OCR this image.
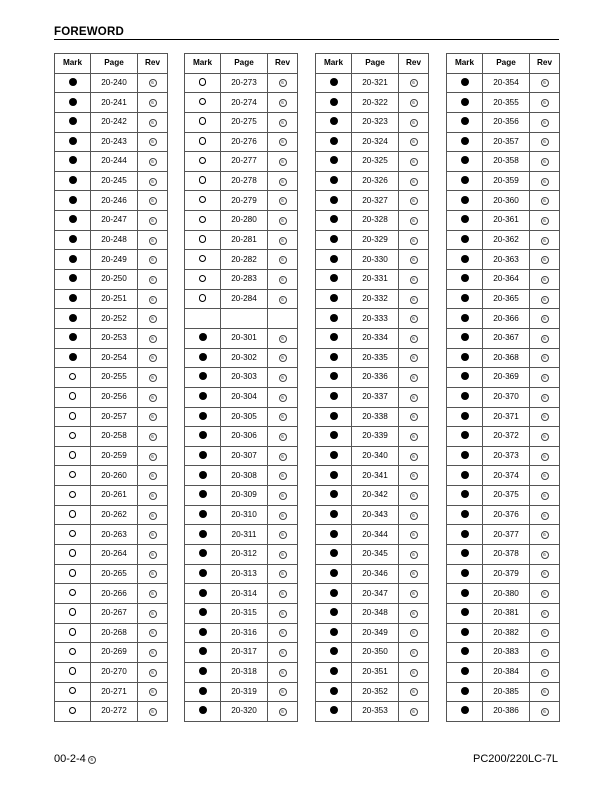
FOREWORD
Mark	Page	Rev
	20-240	6
	20-241	6
	20-242	6
	20-243	6
	20-244	6
	20-245	6
	20-246	6
	20-247	6
	20-248	6
	20-249	6
	20-250	6
	20-251	6
	20-252	6
	20-253	6
	20-254	6
	20-255	6
	20-256	6
	20-257	6
	20-258	6
	20-259	6
	20-260	6
	20-261	6
	20-262	6
	20-263	6
	20-264	6
	20-265	6
	20-266	6
	20-267	6
	20-268	6
	20-269	6
	20-270	6
	20-271	6
	20-272	6
Mark	Page	Rev
	20-273	6
	20-274	6
	20-275	6
	20-276	6
	20-277	6
	20-278	6
	20-279	6
	20-280	6
	20-281	6
	20-282	6
	20-283	6
	20-284	6

	20-301	6
	20-302	6
	20-303	6
	20-304	6
	20-305	6
	20-306	6
	20-307	6
	20-308	6
	20-309	6
	20-310	6
	20-311	6
	20-312	6
	20-313	6
	20-314	6
	20-315	6
	20-316	6
	20-317	6
	20-318	6
	20-319	6
	20-320	6
Mark	Page	Rev
	20-321	6
	20-322	6
	20-323	6
	20-324	6
	20-325	6
	20-326	6
	20-327	6
	20-328	6
	20-329	6
	20-330	6
	20-331	6
	20-332	6
	20-333	6
	20-334	6
	20-335	6
	20-336	6
	20-337	6
	20-338	6
	20-339	6
	20-340	6
	20-341	6
	20-342	6
	20-343	6
	20-344	6
	20-345	6
	20-346	6
	20-347	6
	20-348	6
	20-349	6
	20-350	6
	20-351	6
	20-352	6
	20-353	6
Mark	Page	Rev
	20-354	6
	20-355	6
	20-356	6
	20-357	6
	20-358	6
	20-359	6
	20-360	6
	20-361	6
	20-362	6
	20-363	6
	20-364	6
	20-365	6
	20-366	6
	20-367	6
	20-368	6
	20-369	6
	20-370	6
	20-371	6
	20-372	6
	20-373	6
	20-374	6
	20-375	6
	20-376	6
	20-377	6
	20-378	6
	20-379	6
	20-380	6
	20-381	6
	20-382	6
	20-383	6
	20-384	6
	20-385	6
	20-386	6
00-2-4 6	PC200/220LC-7L
